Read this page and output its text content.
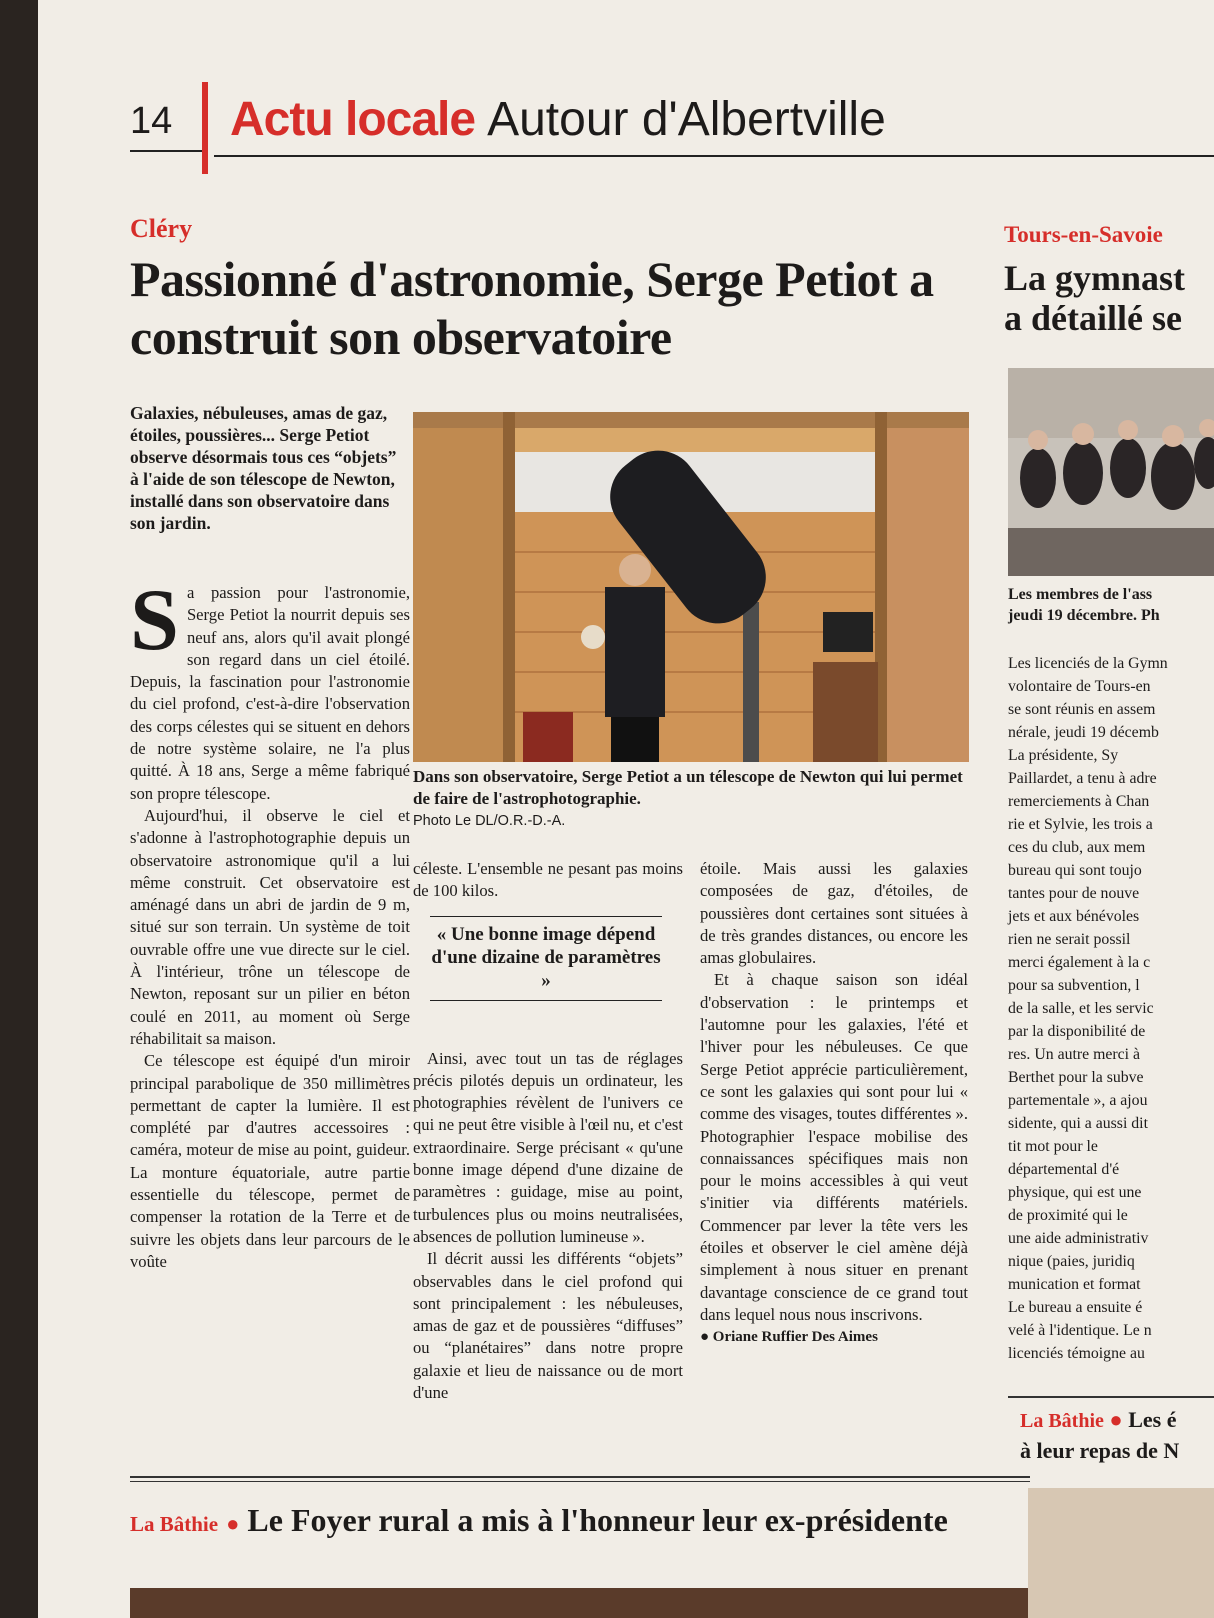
14 Actu locale Autour d'Albertville
Cléry
Passionné d'astronomie, Serge Petiot a construit son observatoire

Galaxies, nébuleuses, amas de gaz, étoiles, poussières... Serge Petiot observe désormais tous ces “objets” à l'aide de son télescope de Newton, installé dans son observatoire dans son jardin.

Sa passion pour l'astronomie, Serge Petiot la nourrit depuis ses neuf ans, alors qu'il avait plongé son regard dans un ciel étoilé. Depuis, la fascination pour l'astronomie du ciel profond, c'est-à-dire l'observation des corps célestes qui se situent en dehors de notre système solaire, ne l'a plus quitté. À 18 ans, Serge a même fabriqué son propre télescope.

Aujourd'hui, il observe le ciel et s'adonne à l'astrophotographie depuis un observatoire astronomique qu'il a lui même construit. Cet observatoire est aménagé dans un abri de jardin de 9 m, situé sur son terrain. Un système de toit ouvrable offre une vue directe sur le ciel. À l'intérieur, trône un télescope de Newton, reposant sur un pilier en béton coulé en 2011, au moment où Serge réhabilitait sa maison.

Ce télescope est équipé d'un miroir principal parabolique de 350 millimètres permettant de capter la lumière. Il est complété par d'autres accessoires : caméra, moteur de mise au point, guideur. La monture équatoriale, autre partie essentielle du télescope, permet de compenser la rotation de la Terre et de suivre les objets dans leur parcours de le voûte

Dans son observatoire, Serge Petiot a un télescope de Newton qui lui permet de faire de l'astrophotographie.
Photo Le DL/O.R.-D.-A.

céleste. L'ensemble ne pesant pas moins de 100 kilos.

Ainsi, avec tout un tas de réglages précis pilotés depuis un ordinateur, les photographies révèlent de l'univers ce qui ne peut être visible à l'œil nu, et c'est extraordinaire. Serge précisant « qu'une bonne image dépend d'une dizaine de paramètres : guidage, mise au point, turbulences plus ou moins neutralisées, absences de pollution lumineuse ».

Il décrit aussi les différents “objets” observables dans le ciel profond qui sont principalement : les nébuleuses, amas de gaz et de poussières “diffuses” ou “planétaires” dans notre propre galaxie et lieu de naissance ou de mort d'une

« Une bonne image dépend d'une dizaine de paramètres »

étoile. Mais aussi les galaxies composées de gaz, d'étoiles, de poussières dont certaines sont situées à de très grandes distances, ou encore les amas globulaires.

Et à chaque saison son idéal d'observation : le printemps et l'automne pour les galaxies, l'été et l'hiver pour les nébuleuses. Ce que Serge Petiot apprécie particulièrement, ce sont les galaxies qui sont pour lui « comme des visages, toutes différentes ». Photographier l'espace mobilise des connaissances spécifiques mais non pour le moins accessibles à qui veut s'initier via différents matériels. Commencer par lever la tête vers les étoiles et observer le ciel amène déjà simplement à nous situer en prenant davantage conscience de ce grand tout dans lequel nous nous inscrivons.

● Oriane Ruffier Des Aimes

Tours-en-Savoie
La gymnast
a détaillé se

Les membres de l'ass
jeudi 19 décembre. Ph

Les licenciés de la Gymn

volontaire de Tours-en

se sont réunis en assem

nérale, jeudi 19 décemb

La présidente, Sy

Paillardet, a tenu à adre

remerciements à Chan

rie et Sylvie, les trois a

ces du club, aux mem

bureau qui sont toujo

tantes pour de nouve

jets et aux bénévoles

rien ne serait possil

merci également à la c

pour sa subvention, l

de la salle, et les servic

par la disponibilité de

res. Un autre merci à

Berthet pour la subve

partementale », a ajou

sidente, qui a aussi dit

tit mot pour le

départemental d'é

physique, qui est une

de proximité qui le

une aide administrativ

nique (paies, juridiq

munication et format

Le bureau a ensuite é

velé à l'identique. Le n

licenciés témoigne au

La Bâthie ● Les é
à leur repas de N

La Bâthie ● Le Foyer rural a mis à l'honneur leur ex-présidente
